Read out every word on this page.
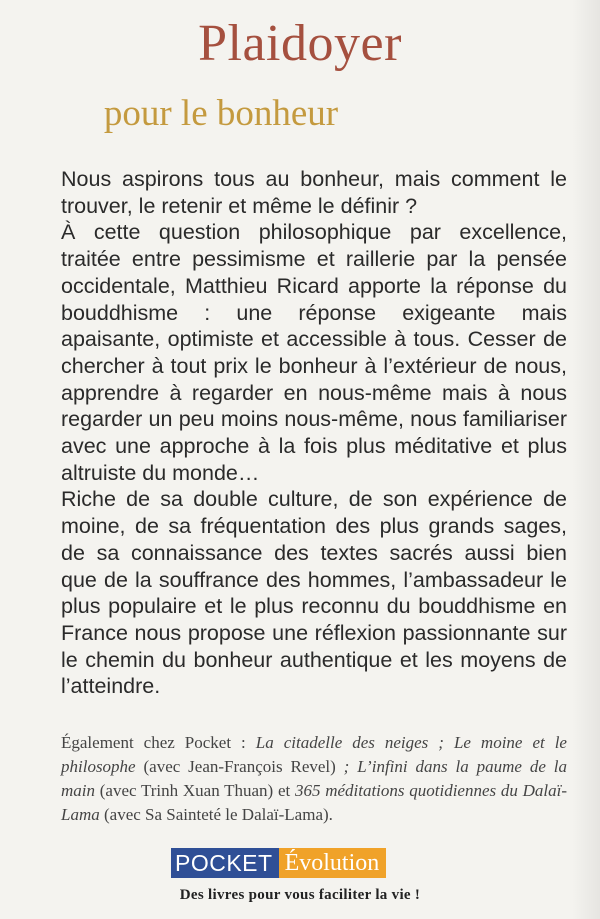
Plaidoyer
pour le bonheur

Nous aspirons tous au bonheur, mais comment le trouver, le retenir et même le définir ?

À cette question philosophique par excellence, traitée entre pessimisme et raillerie par la pensée occidentale, Matthieu Ricard apporte la réponse du bouddhisme : une réponse exigeante mais apaisante, optimiste et accessible à tous. Cesser de chercher à tout prix le bonheur à l’extérieur de nous, apprendre à regarder en nous-même mais à nous regarder un peu moins nous-même, nous familiariser avec une approche à la fois plus méditative et plus altruiste du monde…

Riche de sa double culture, de son expérience de moine, de sa fréquentation des plus grands sages, de sa connaissance des textes sacrés aussi bien que de la souffrance des hommes, l’ambassadeur le plus populaire et le plus reconnu du bouddhisme en France nous propose une réflexion passionnante sur le chemin du bonheur authentique et les moyens de l’atteindre.

Également chez Pocket : La citadelle des neiges ; Le moine et le philosophe (avec Jean-François Revel) ; L’infini dans la paume de la main (avec Trinh Xuan Thuan) et 365 méditations quotidiennes du Dalaï-Lama (avec Sa Sainteté le Dalaï-Lama).
POCKET Évolution
Des livres pour vous faciliter la vie !
